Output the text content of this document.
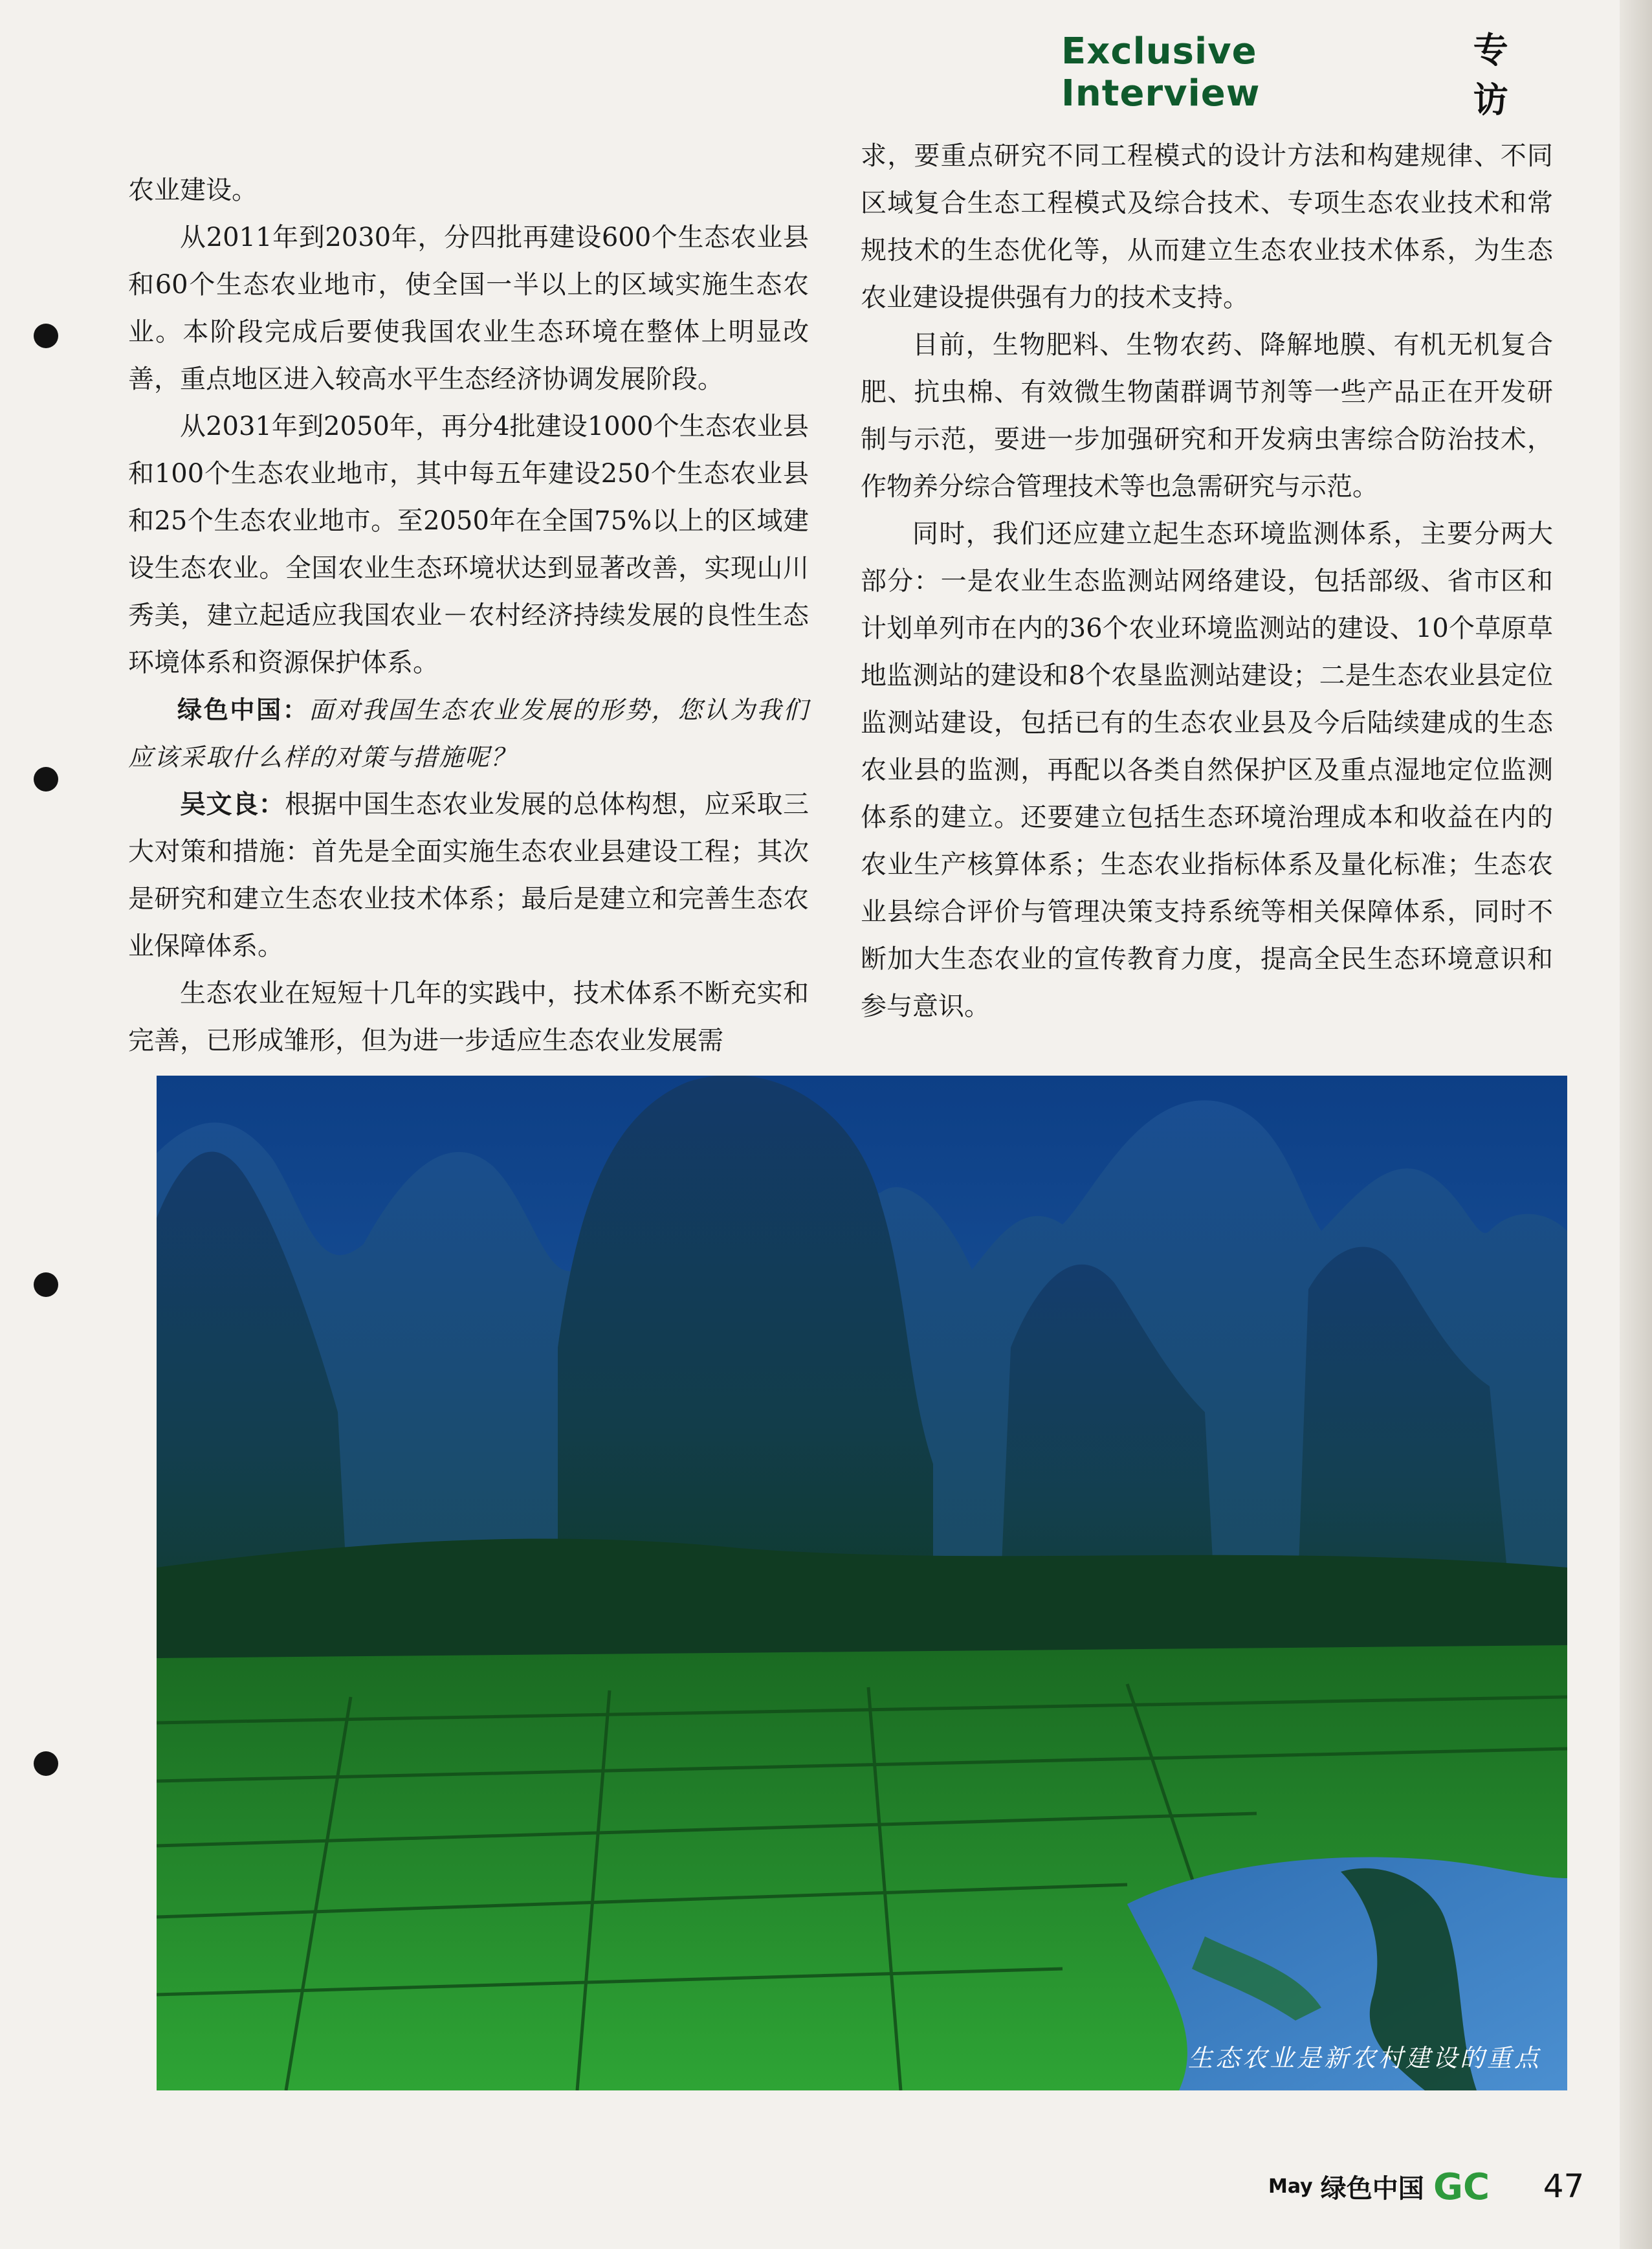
Exclusive Interview
专 访

农业建设。

从2011年到2030年，分四批再建设600个生态农业县和60个生态农业地市，使全国一半以上的区域实施生态农业。本阶段完成后要使我国农业生态环境在整体上明显改善，重点地区进入较高水平生态经济协调发展阶段。

从2031年到2050年，再分4批建设1000个生态农业县和100个生态农业地市，其中每五年建设250个生态农业县和25个生态农业地市。至2050年在全国75%以上的区域建设生态农业。全国农业生态环境状达到显著改善，实现山川秀美，建立起适应我国农业－农村经济持续发展的良性生态环境体系和资源保护体系。

绿色中国：面对我国生态农业发展的形势，您认为我们应该采取什么样的对策与措施呢？

吴文良：根据中国生态农业发展的总体构想，应采取三大对策和措施：首先是全面实施生态农业县建设工程；其次是研究和建立生态农业技术体系；最后是建立和完善生态农业保障体系。

生态农业在短短十几年的实践中，技术体系不断充实和完善，已形成雏形，但为进一步适应生态农业发展需

求，要重点研究不同工程模式的设计方法和构建规律、不同区域复合生态工程模式及综合技术、专项生态农业技术和常规技术的生态优化等，从而建立生态农业技术体系，为生态农业建设提供强有力的技术支持。

目前，生物肥料、生物农药、降解地膜、有机无机复合肥、抗虫棉、有效微生物菌群调节剂等一些产品正在开发研制与示范，要进一步加强研究和开发病虫害综合防治技术，作物养分综合管理技术等也急需研究与示范。

同时，我们还应建立起生态环境监测体系，主要分两大部分：一是农业生态监测站网络建设，包括部级、省市区和计划单列市在内的36个农业环境监测站的建设、10个草原草地监测站的建设和8个农垦监测站建设；二是生态农业县定位监测站建设，包括已有的生态农业县及今后陆续建成的生态农业县的监测，再配以各类自然保护区及重点湿地定位监测体系的建立。还要建立包括生态环境治理成本和收益在内的农业生产核算体系；生态农业指标体系及量化标准；生态农业县综合评价与管理决策支持系统等相关保障体系，同时不断加大生态农业的宣传教育力度，提高全民生态环境意识和参与意识。

生态农业是新农村建设的重点
May 绿色中国 GC 47
